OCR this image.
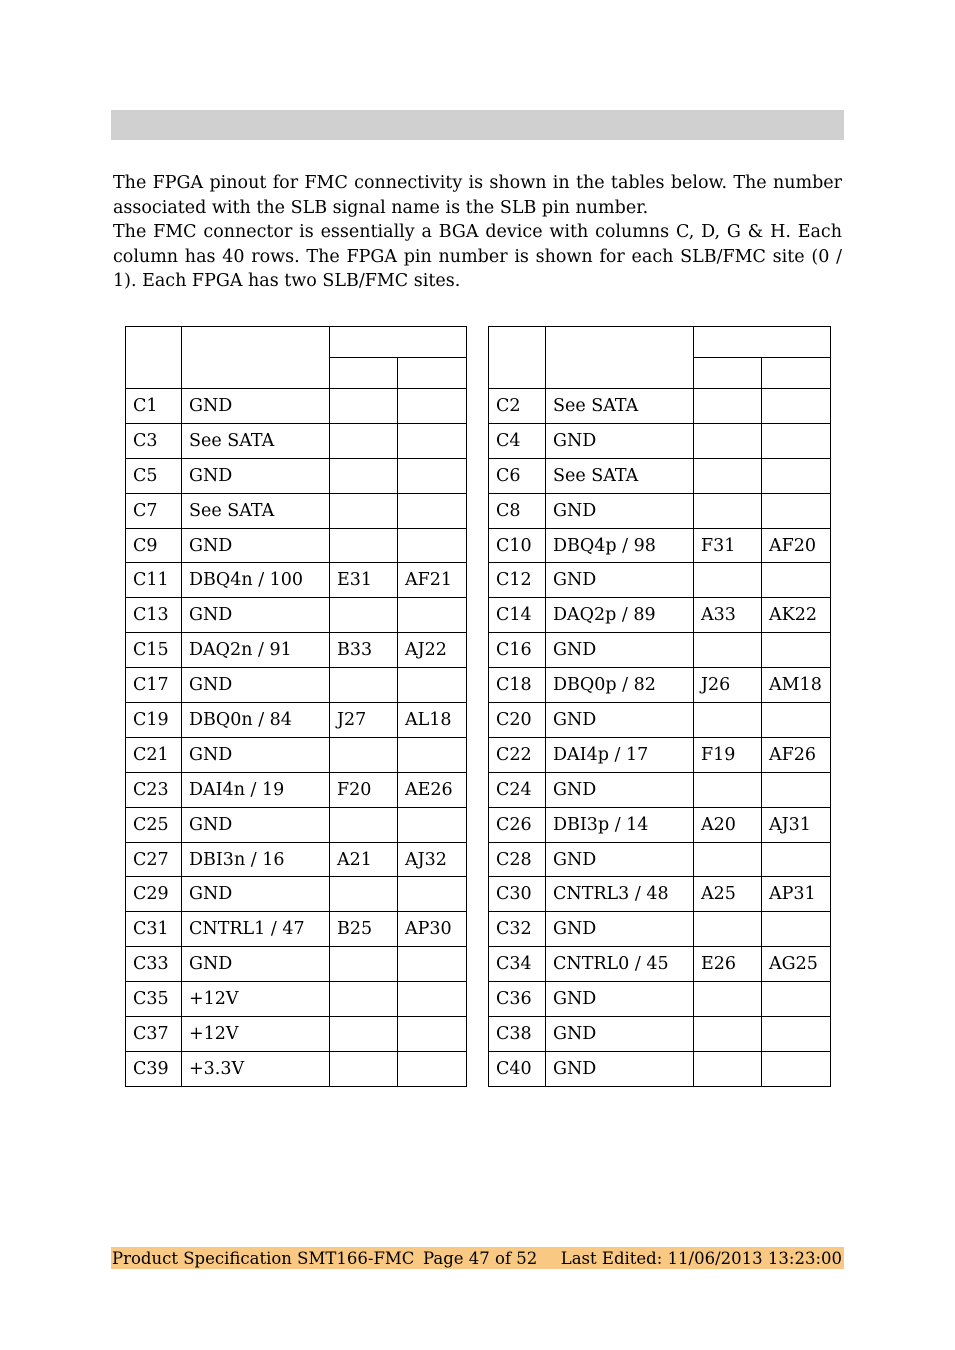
The FPGA pinout for FMC connectivity is shown in the tables below. The number associated with the SLB signal name is the SLB pin number.

The FMC connector is essentially a BGA device with columns C, D, G & H. Each column has 40 rows. The FPGA pin number is shown for each SLB/FMC site (0 / 1). Each FPGA has two SLB/FMC sites.

C1	GND		
C3	See SATA		
C5	GND		
C7	See SATA		
C9	GND		
C11	DBQ4n / 100	E31	AF21
C13	GND		
C15	DAQ2n / 91	B33	AJ22
C17	GND		
C19	DBQ0n / 84	J27	AL18
C21	GND		
C23	DAI4n / 19	F20	AE26
C25	GND		
C27	DBI3n / 16	A21	AJ32
C29	GND		
C31	CNTRL1 / 47	B25	AP30
C33	GND		
C35	+12V		
C37	+12V		
C39	+3.3V		

C2	See SATA		
C4	GND		
C6	See SATA		
C8	GND		
C10	DBQ4p / 98	F31	AF20
C12	GND		
C14	DAQ2p / 89	A33	AK22
C16	GND		
C18	DBQ0p / 82	J26	AM18
C20	GND		
C22	DAI4p / 17	F19	AF26
C24	GND		
C26	DBI3p / 14	A20	AJ31
C28	GND		
C30	CNTRL3 / 48	A25	AP31
C32	GND		
C34	CNTRL0 / 45	E26	AG25
C36	GND		
C38	GND		
C40	GND		
Product Specification SMT166-FMC Page 47 of 52 Last Edited: 11/06/2013 13:23:00
